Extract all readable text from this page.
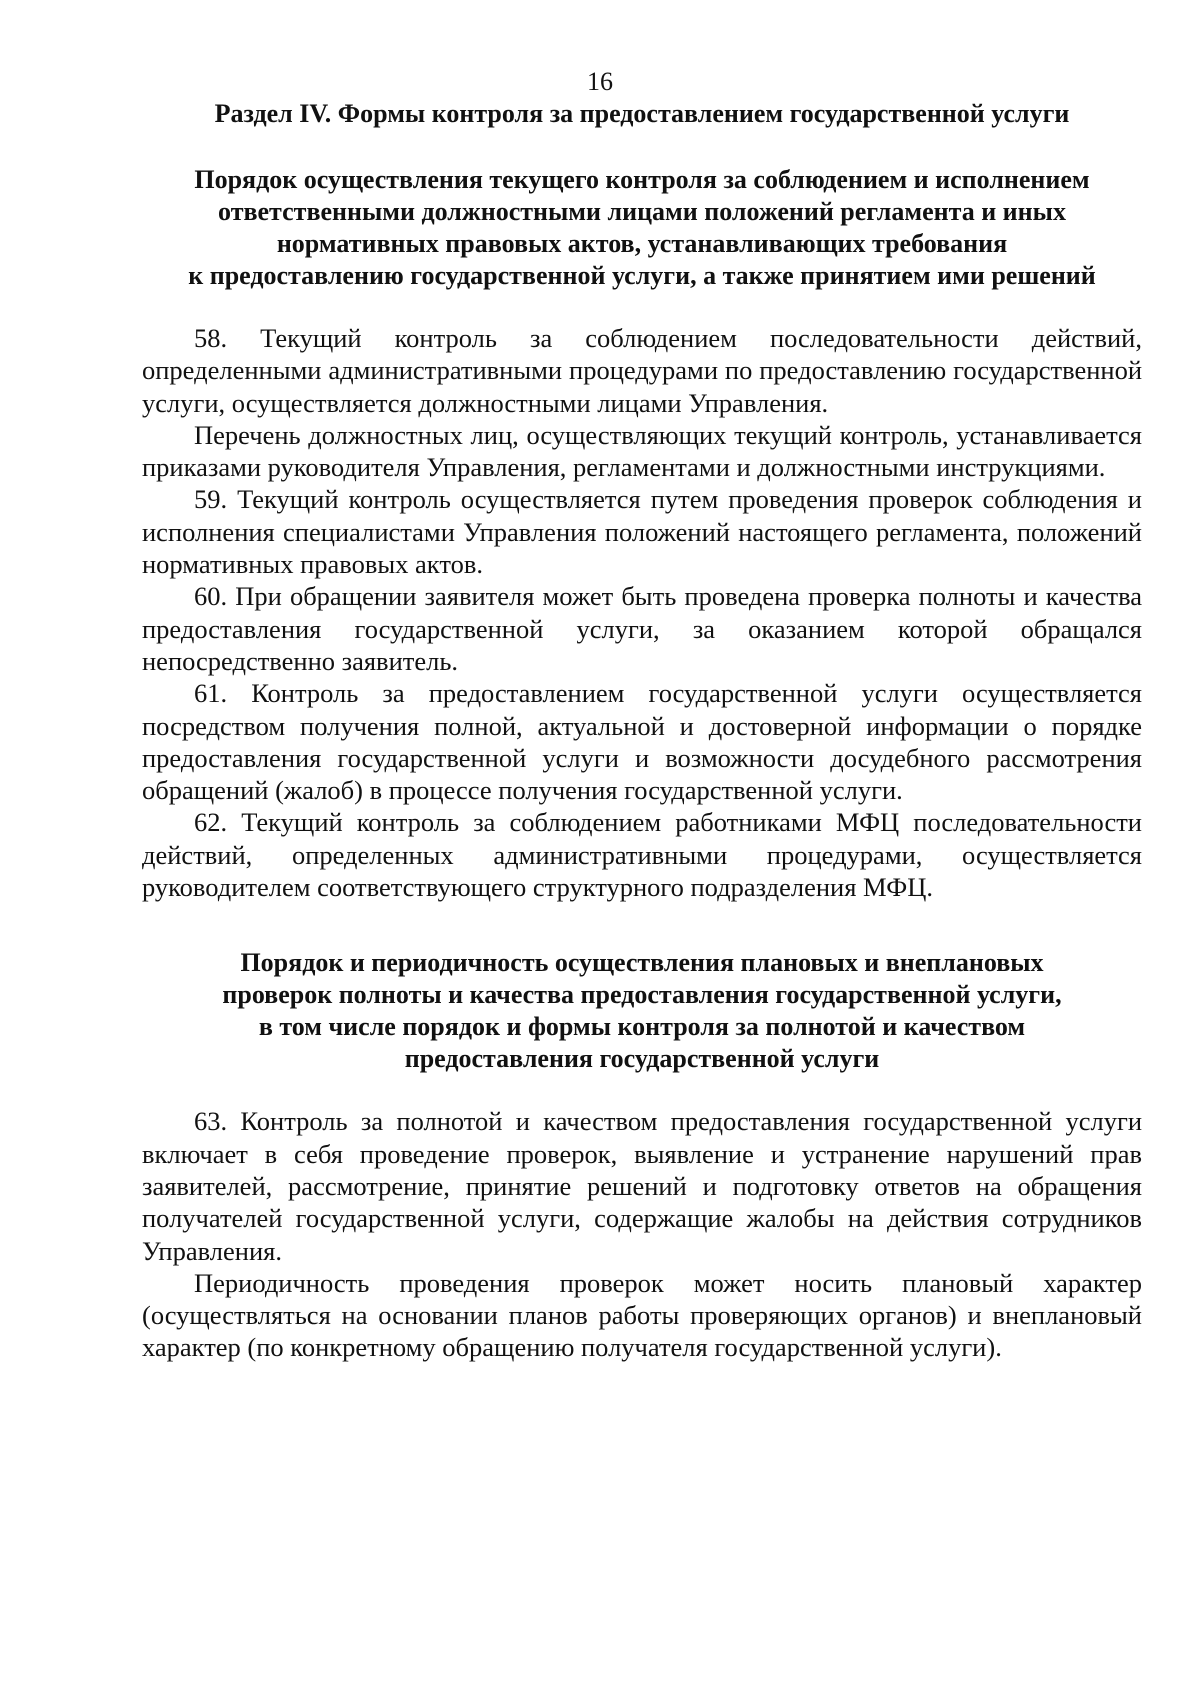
16
Раздел IV. Формы контроля за предоставлением государственной услуги
Порядок осуществления текущего контроля за соблюдением и исполнением
ответственными должностными лицами положений регламента и иных
нормативных правовых актов, устанавливающих требования
к предоставлению государственной услуги, а также принятием ими решений

58. Текущий контроль за соблюдением последовательности действий, определенными административными процедурами по предоставлению государственной услуги, осуществляется должностными лицами Управления.

Перечень должностных лиц, осуществляющих текущий контроль, устанавливается приказами руководителя Управления, регламентами и должностными инструкциями.

59. Текущий контроль осуществляется путем проведения проверок соблюдения и исполнения специалистами Управления положений настоящего регламента, положений нормативных правовых актов.

60. При обращении заявителя может быть проведена проверка полноты и качества предоставления государственной услуги, за оказанием которой обращался непосредственно заявитель.

61. Контроль за предоставлением государственной услуги осуществляется посредством получения полной, актуальной и достоверной информации о порядке предоставления государственной услуги и возможности досудебного рассмотрения обращений (жалоб) в процессе получения государственной услуги.

62. Текущий контроль за соблюдением работниками МФЦ последовательности действий, определенных административными процедурами, осуществляется руководителем соответствующего структурного подразделения МФЦ.

Порядок и периодичность осуществления плановых и внеплановых
проверок полноты и качества предоставления государственной услуги,
в том числе порядок и формы контроля за полнотой и качеством
предоставления государственной услуги

63. Контроль за полнотой и качеством предоставления государственной услуги включает в себя проведение проверок, выявление и устранение нарушений прав заявителей, рассмотрение, принятие решений и подготовку ответов на обращения получателей государственной услуги, содержащие жалобы на действия сотрудников Управления.

Периодичность проведения проверок может носить плановый характер (осуществляться на основании планов работы проверяющих органов) и внеплановый характер (по конкретному обращению получателя государственной услуги).
